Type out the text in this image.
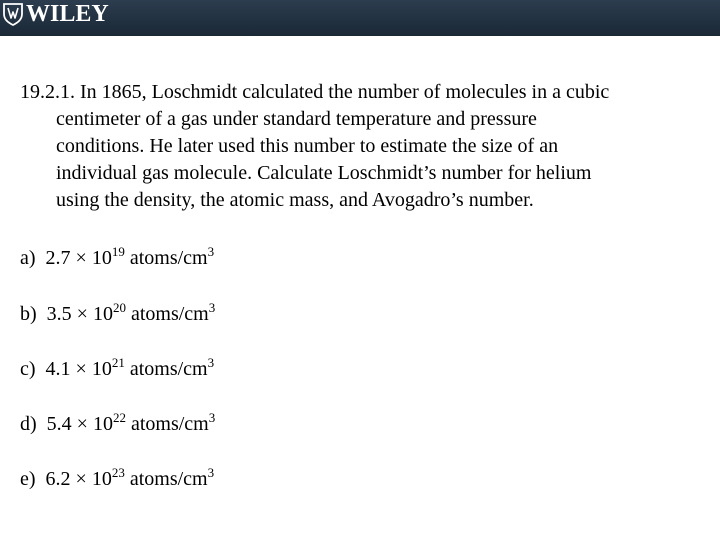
WILEY
19.2.1. In 1865, Loschmidt calculated the number of molecules in a cubic
centimeter of a gas under standard temperature and pressure
conditions. He later used this number to estimate the size of an
individual gas molecule. Calculate Loschmidt’s number for helium
using the density, the atomic mass, and Avogadro’s number.
a) $2.7 \times 10^{19}$ atoms/$cm^3$
b) $3.5 \times 10^{20}$ atoms/$cm^3$
c) $4.1 \times 10^{21}$ atoms/$cm^3$
d) $5.4 \times 10^{22}$ atoms/$cm^3$
e) $6.2 \times 10^{23}$ atoms/$cm^3$
